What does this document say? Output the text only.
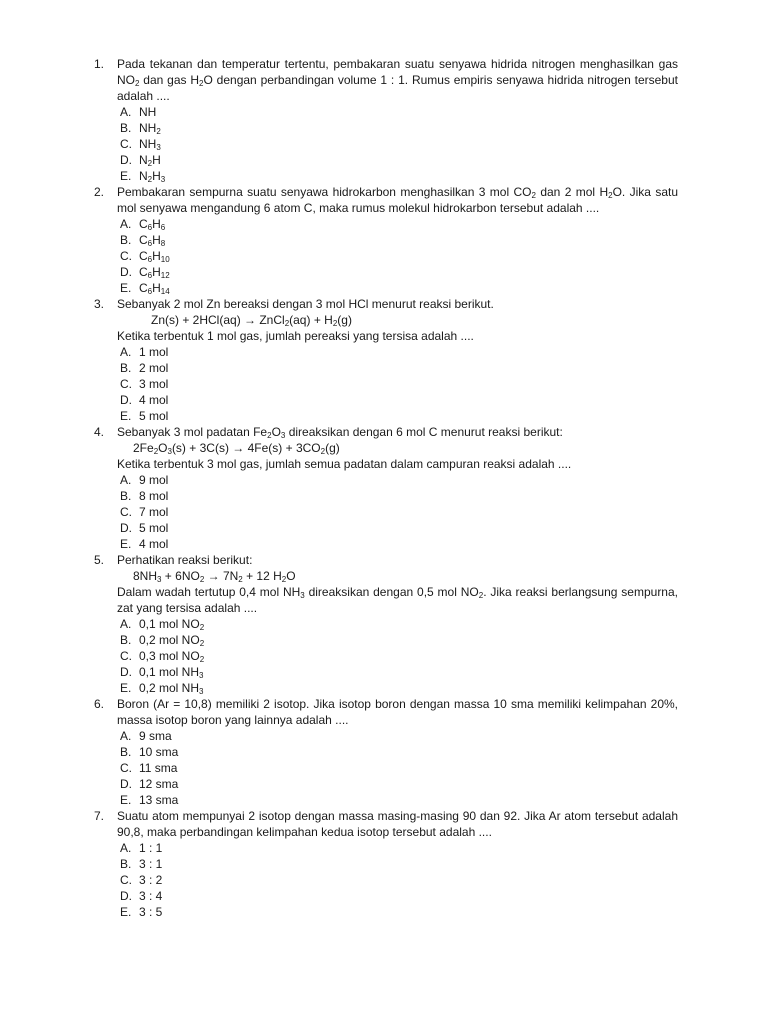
1.	Pada tekanan dan temperatur tertentu, pembakaran suatu senyawa hidrida nitrogen menghasilkan gas $NO_2$ dan gas $H_2O$ dengan perbandingan volume 1 : 1. Rumus empiris senyawa hidrida nitrogen tersebut adalah ....
A. NH
B. $NH_2$
C. $NH_3$
D. $N_2H$
E. $N_2H_3$
2.	Pembakaran sempurna suatu senyawa hidrokarbon menghasilkan 3 mol $CO_2$ dan 2 mol $H_2O$. Jika satu mol senyawa mengandung 6 atom C, maka rumus molekul hidrokarbon tersebut adalah ....
A. $C_6H_6$
B. $C_6H_8$
C. $C_6H_{10}$
D. $C_6H_{12}$
E. $C_6H_{14}$
3.	Sebanyak 2 mol Zn bereaksi dengan 3 mol HCl menurut reaksi berikut.
Zn(s) + 2HCl(aq) → ZnCl$_2$(aq) + $H_2(g)$
Ketika terbentuk 1 mol gas, jumlah pereaksi yang tersisa adalah ....
A. 1 mol
B. 2 mol
C. 3 mol
D. 4 mol
E. 5 mol
4.	Sebanyak 3 mol padatan $Fe_2O_3$ direaksikan dengan 6 mol C menurut reaksi berikut:
$2Fe_2O_3(s) + 3C(s) \to 4Fe(s) + 3CO_2(g)$
Ketika terbentuk 3 mol gas, jumlah semua padatan dalam campuran reaksi adalah ....
A. 9 mol
B. 8 mol
C. 7 mol
D. 5 mol
E. 4 mol
5.	Perhatikan reaksi berikut:
$8NH_3 + 6NO_2 \to 7N_2 + 12$ $H_2O$
Dalam wadah tertutup 0,4 mol $NH_3$ direaksikan dengan 0,5 mol $NO_2$. Jika reaksi berlangsung sempurna, zat yang tersisa adalah ....
A. 0,1 mol $NO_2$
B. 0,2 mol $NO_2$
C. 0,3 mol $NO_2$
D. 0,1 mol $NH_3$
E. 0,2 mol $NH_3$
6.	Boron (Ar = 10,8) memiliki 2 isotop. Jika isotop boron dengan massa 10 sma memiliki kelimpahan 20%, massa isotop boron yang lainnya adalah ....
A. 9 sma
B. 10 sma
C. 11 sma
D. 12 sma
E. 13 sma
7.	Suatu atom mempunyai 2 isotop dengan massa masing-masing 90 dan 92. Jika Ar atom tersebut adalah 90,8, maka perbandingan kelimpahan kedua isotop tersebut adalah ....
A. 1 : 1
B. 3 : 1
C. 3 : 2
D. 3 : 4
E. 3 : 5
